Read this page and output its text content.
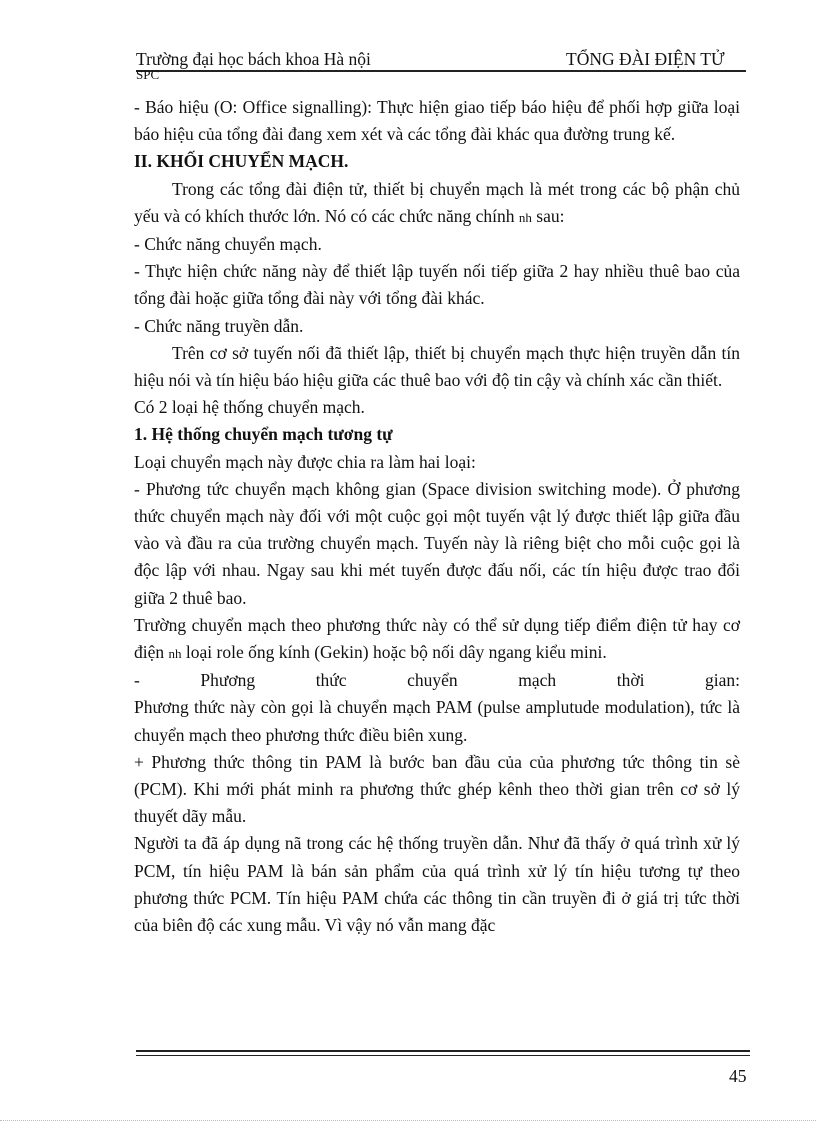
Trường đại học bách khoa Hà nội	TỔNG ĐÀI ĐIỆN TỬ
SPC

- Báo hiệu (O: Office signalling): Thực hiện giao tiếp báo hiệu để phối hợp giữa loại báo hiệu của tổng đài đang xem xét và các tổng đài khác qua đường trung kế.

II. KHỐI CHUYỂN MẠCH.

Trong các tổng đài điện tử, thiết bị chuyển mạch là mét trong các bộ phận chủ yếu và có khích thước lớn. Nó có các chức năng chính nh sau:

- Chức năng chuyển mạch.

- Thực hiện chức năng này để thiết lập tuyến nối tiếp giữa 2 hay nhiều thuê bao của tổng đài hoặc giữa tổng đài này với tổng đài khác.

- Chức năng truyền dẫn.

Trên cơ sở tuyến nối đã thiết lập, thiết bị chuyển mạch thực hiện truyền dẫn tín hiệu nói và tín hiệu báo hiệu giữa các thuê bao với độ tin cậy và chính xác cần thiết.

Có 2 loại hệ thống chuyển mạch.

1. Hệ thống chuyển mạch tương tự

Loại chuyển mạch này được chia ra làm hai loại:

- Phương tức chuyển mạch không gian (Space division switching mode). Ở phương thức chuyển mạch này đối với một cuộc gọi một tuyến vật lý được thiết lập giữa đầu vào và đầu ra của trường chuyển mạch. Tuyến này là riêng biệt cho mỗi cuộc gọi là độc lập với nhau. Ngay sau khi mét tuyến được đấu nối, các tín hiệu được trao đổi giữa 2 thuê bao.

Trường chuyển mạch theo phương thức này có thể sử dụng tiếp điểm điện tử hay cơ điện nh loại role ống kính (Gekin) hoặc bộ nối dây ngang kiểu mini.

-	Phương	thức	chuyển	mạch	thời	gian:

Phương thức này còn gọi là chuyển mạch PAM (pulse amplutude modulation), tức là chuyển mạch theo phương thức điều biên xung.

+ Phương thức thông tin PAM là bước ban đầu của của phương tức thông tin sè (PCM). Khi mới phát minh ra phương thức ghép kênh theo thời gian trên cơ sở lý thuyết dãy mẫu.

Người ta đã áp dụng nã trong các hệ thống truyền dẫn. Như đã thấy ở quá trình xử lý PCM, tín hiệu PAM là bán sản phẩm của quá trình xử lý tín hiệu tương tự theo phương thức PCM. Tín hiệu PAM chứa các thông tin cần truyền đi ở giá trị tức thời của biên độ các xung mẫu. Vì vậy nó vẫn mang đặc

45
